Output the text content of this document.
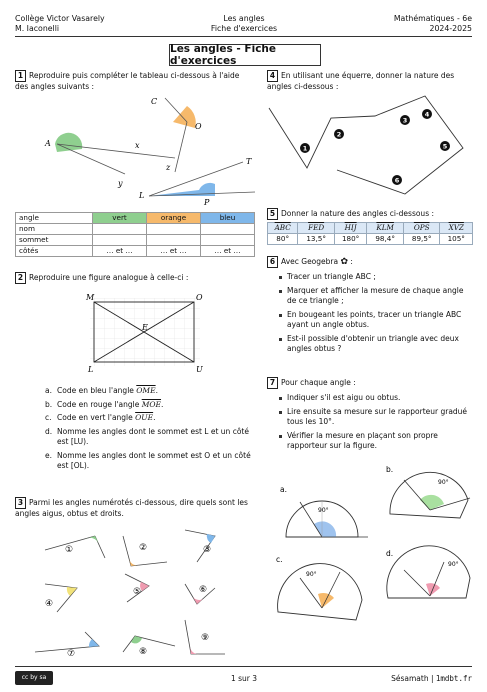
Collège Victor Vasarely
M. Iaconelli
Les angles
Fiche d'exercices
Mathématiques - 6e
2024-2025
Les angles - Fiche d'exercices
1 Reproduire puis compléter le tableau ci-dessous à l'aide des angles suivants :
C
O
A	x
y
z
T
L
P
angle	vert	orange	bleu
nom			
sommet			
côtés	… et …	… et …	… et …
2 Reproduire une figure analogue à celle-ci :
M	O
E
L	U
a. Code en bleu l'angle $\overline{OME}$.
b. Code en rouge l'angle $\overline{MOE}$.
c. Code en vert l'angle $\overline{OUE}$.
d. Nomme les angles dont le sommet est L et un côté est [LU).
e. Nomme les angles dont le sommet est O et un côté est [OL).
3 Parmi les angles numérotés ci-dessous, dire quels sont les angles aigus, obtus et droits.
①	②	③
④
⑤	⑥
⑦	⑧
⑨
4 En utilisant une équerre, donner la nature des angles ci-dessous :
1
2
3
4
5
6
5 Donner la nature des angles ci-dessous :
$\overline{ABC}$	$\overline{FED}$	$\overline{HIJ}$	$\overline{KLM}$	$\overline{OPS}$	$\overline{XVZ}$
80°	13,5°	180°	98,4°	89,5°	105°
6 Avec Geogebra ✿ :
Tracer un triangle ABC ;
Marquer et afficher la mesure de chaque angle de ce triangle ;
En bougeant les points, tracer un triangle ABC ayant un angle obtus.
Est-il possible d'obtenir un triangle avec deux angles obtus ?
7 Pour chaque angle :
Indiquer s'il est aigu ou obtus.
Lire ensuite sa mesure sur le rapporteur gradué tous les 10°.
Vérifier la mesure en plaçant son propre rapporteur sur la figure.
90°
a.
90°
b.
90°
c.
90°
d.
cc by sa	1 sur 3	Sésamath | 1mdbt.fr
